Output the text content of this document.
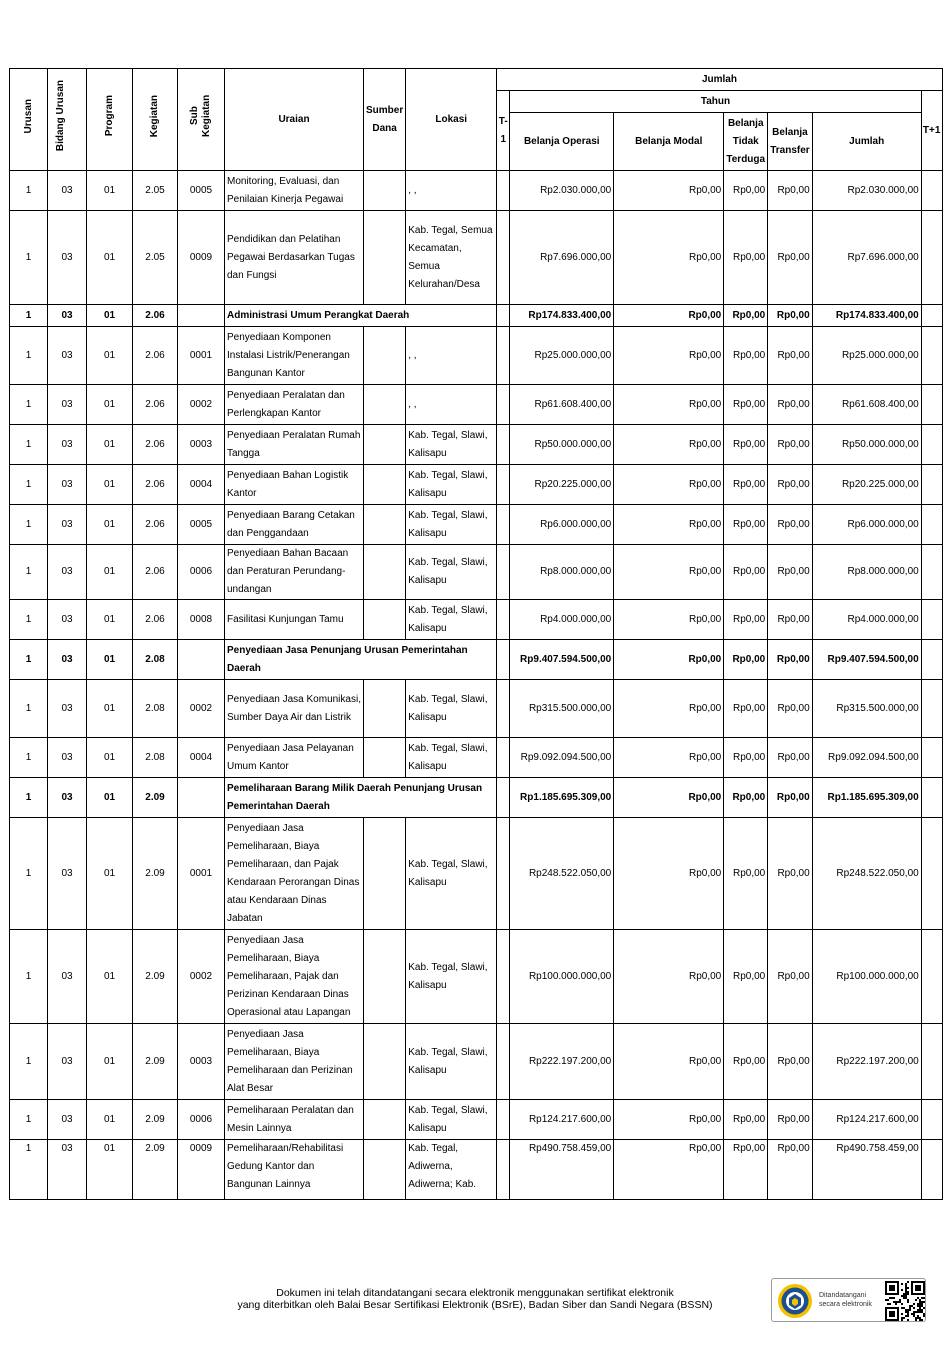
Urusan	Bidang Urusan	Program	Kegiatan	Sub Kegiatan	Uraian	Sumber Dana	Lokasi	Jumlah						
								T-1	Tahun					T+1
									Belanja Operasi	Belanja Modal	Belanja Tidak Terduga	Belanja Transfer	Jumlah	

1	03	01	2.05	0005	Monitoring, Evaluasi, dan Penilaian Kinerja Pegawai		, ,		Rp2.030.000,00	Rp0,00	Rp0,00	Rp0,00	Rp2.030.000,00	
1	03	01	2.05	0009	Pendidikan dan Pelatihan Pegawai Berdasarkan Tugas dan Fungsi		Kab. Tegal, Semua Kecamatan, Semua Kelurahan/Desa		Rp7.696.000,00	Rp0,00	Rp0,00	Rp0,00	Rp7.696.000,00	
1	03	01	2.06		Administrasi Umum Perangkat Daerah				Rp174.833.400,00	Rp0,00	Rp0,00	Rp0,00	Rp174.833.400,00	
1	03	01	2.06	0001	Penyediaan Komponen Instalasi Listrik/Penerangan Bangunan Kantor		, ,		Rp25.000.000,00	Rp0,00	Rp0,00	Rp0,00	Rp25.000.000,00	
1	03	01	2.06	0002	Penyediaan Peralatan dan Perlengkapan Kantor		, ,		Rp61.608.400,00	Rp0,00	Rp0,00	Rp0,00	Rp61.608.400,00	
1	03	01	2.06	0003	Penyediaan Peralatan Rumah Tangga		Kab. Tegal, Slawi, Kalisapu		Rp50.000.000,00	Rp0,00	Rp0,00	Rp0,00	Rp50.000.000,00	
1	03	01	2.06	0004	Penyediaan Bahan Logistik Kantor		Kab. Tegal, Slawi, Kalisapu		Rp20.225.000,00	Rp0,00	Rp0,00	Rp0,00	Rp20.225.000,00	
1	03	01	2.06	0005	Penyediaan Barang Cetakan dan Penggandaan		Kab. Tegal, Slawi, Kalisapu		Rp6.000.000,00	Rp0,00	Rp0,00	Rp0,00	Rp6.000.000,00	
1	03	01	2.06	0006	Penyediaan Bahan Bacaan dan Peraturan Perundang-undangan		Kab. Tegal, Slawi, Kalisapu		Rp8.000.000,00	Rp0,00	Rp0,00	Rp0,00	Rp8.000.000,00	
1	03	01	2.06	0008	Fasilitasi Kunjungan Tamu		Kab. Tegal, Slawi, Kalisapu		Rp4.000.000,00	Rp0,00	Rp0,00	Rp0,00	Rp4.000.000,00	
1	03	01	2.08		Penyediaan Jasa Penunjang Urusan Pemerintahan Daerah				Rp9.407.594.500,00	Rp0,00	Rp0,00	Rp0,00	Rp9.407.594.500,00	
1	03	01	2.08	0002	Penyediaan Jasa Komunikasi, Sumber Daya Air dan Listrik		Kab. Tegal, Slawi, Kalisapu		Rp315.500.000,00	Rp0,00	Rp0,00	Rp0,00	Rp315.500.000,00	
1	03	01	2.08	0004	Penyediaan Jasa Pelayanan Umum Kantor		Kab. Tegal, Slawi, Kalisapu		Rp9.092.094.500,00	Rp0,00	Rp0,00	Rp0,00	Rp9.092.094.500,00	
1	03	01	2.09		Pemeliharaan Barang Milik Daerah Penunjang Urusan Pemerintahan Daerah				Rp1.185.695.309,00	Rp0,00	Rp0,00	Rp0,00	Rp1.185.695.309,00	
1	03	01	2.09	0001	Penyediaan Jasa Pemeliharaan, Biaya Pemeliharaan, dan Pajak Kendaraan Perorangan Dinas atau Kendaraan Dinas Jabatan		Kab. Tegal, Slawi, Kalisapu		Rp248.522.050,00	Rp0,00	Rp0,00	Rp0,00	Rp248.522.050,00	
1	03	01	2.09	0002	Penyediaan Jasa Pemeliharaan, Biaya Pemeliharaan, Pajak dan Perizinan Kendaraan Dinas Operasional atau Lapangan		Kab. Tegal, Slawi, Kalisapu		Rp100.000.000,00	Rp0,00	Rp0,00	Rp0,00	Rp100.000.000,00	
1	03	01	2.09	0003	Penyediaan Jasa Pemeliharaan, Biaya Pemeliharaan dan Perizinan Alat Besar		Kab. Tegal, Slawi, Kalisapu		Rp222.197.200,00	Rp0,00	Rp0,00	Rp0,00	Rp222.197.200,00	
1	03	01	2.09	0006	Pemeliharaan Peralatan dan Mesin Lainnya		Kab. Tegal, Slawi, Kalisapu		Rp124.217.600,00	Rp0,00	Rp0,00	Rp0,00	Rp124.217.600,00	
1	03	01	2.09	0009	Pemeliharaan/Rehabilitasi Gedung Kantor dan Bangunan Lainnya		Kab. Tegal, Adiwerna, Adiwerna; Kab.		Rp490.758.459,00	Rp0,00	Rp0,00	Rp0,00	Rp490.758.459,00	
Dokumen ini telah ditandatangani secara elektronik menggunakan sertifikat elektronik
yang diterbitkan oleh Balai Besar Sertifikasi Elektronik (BSrE), Badan Siber dan Sandi Negara (BSSN)
Ditandatangani secara elektronik
